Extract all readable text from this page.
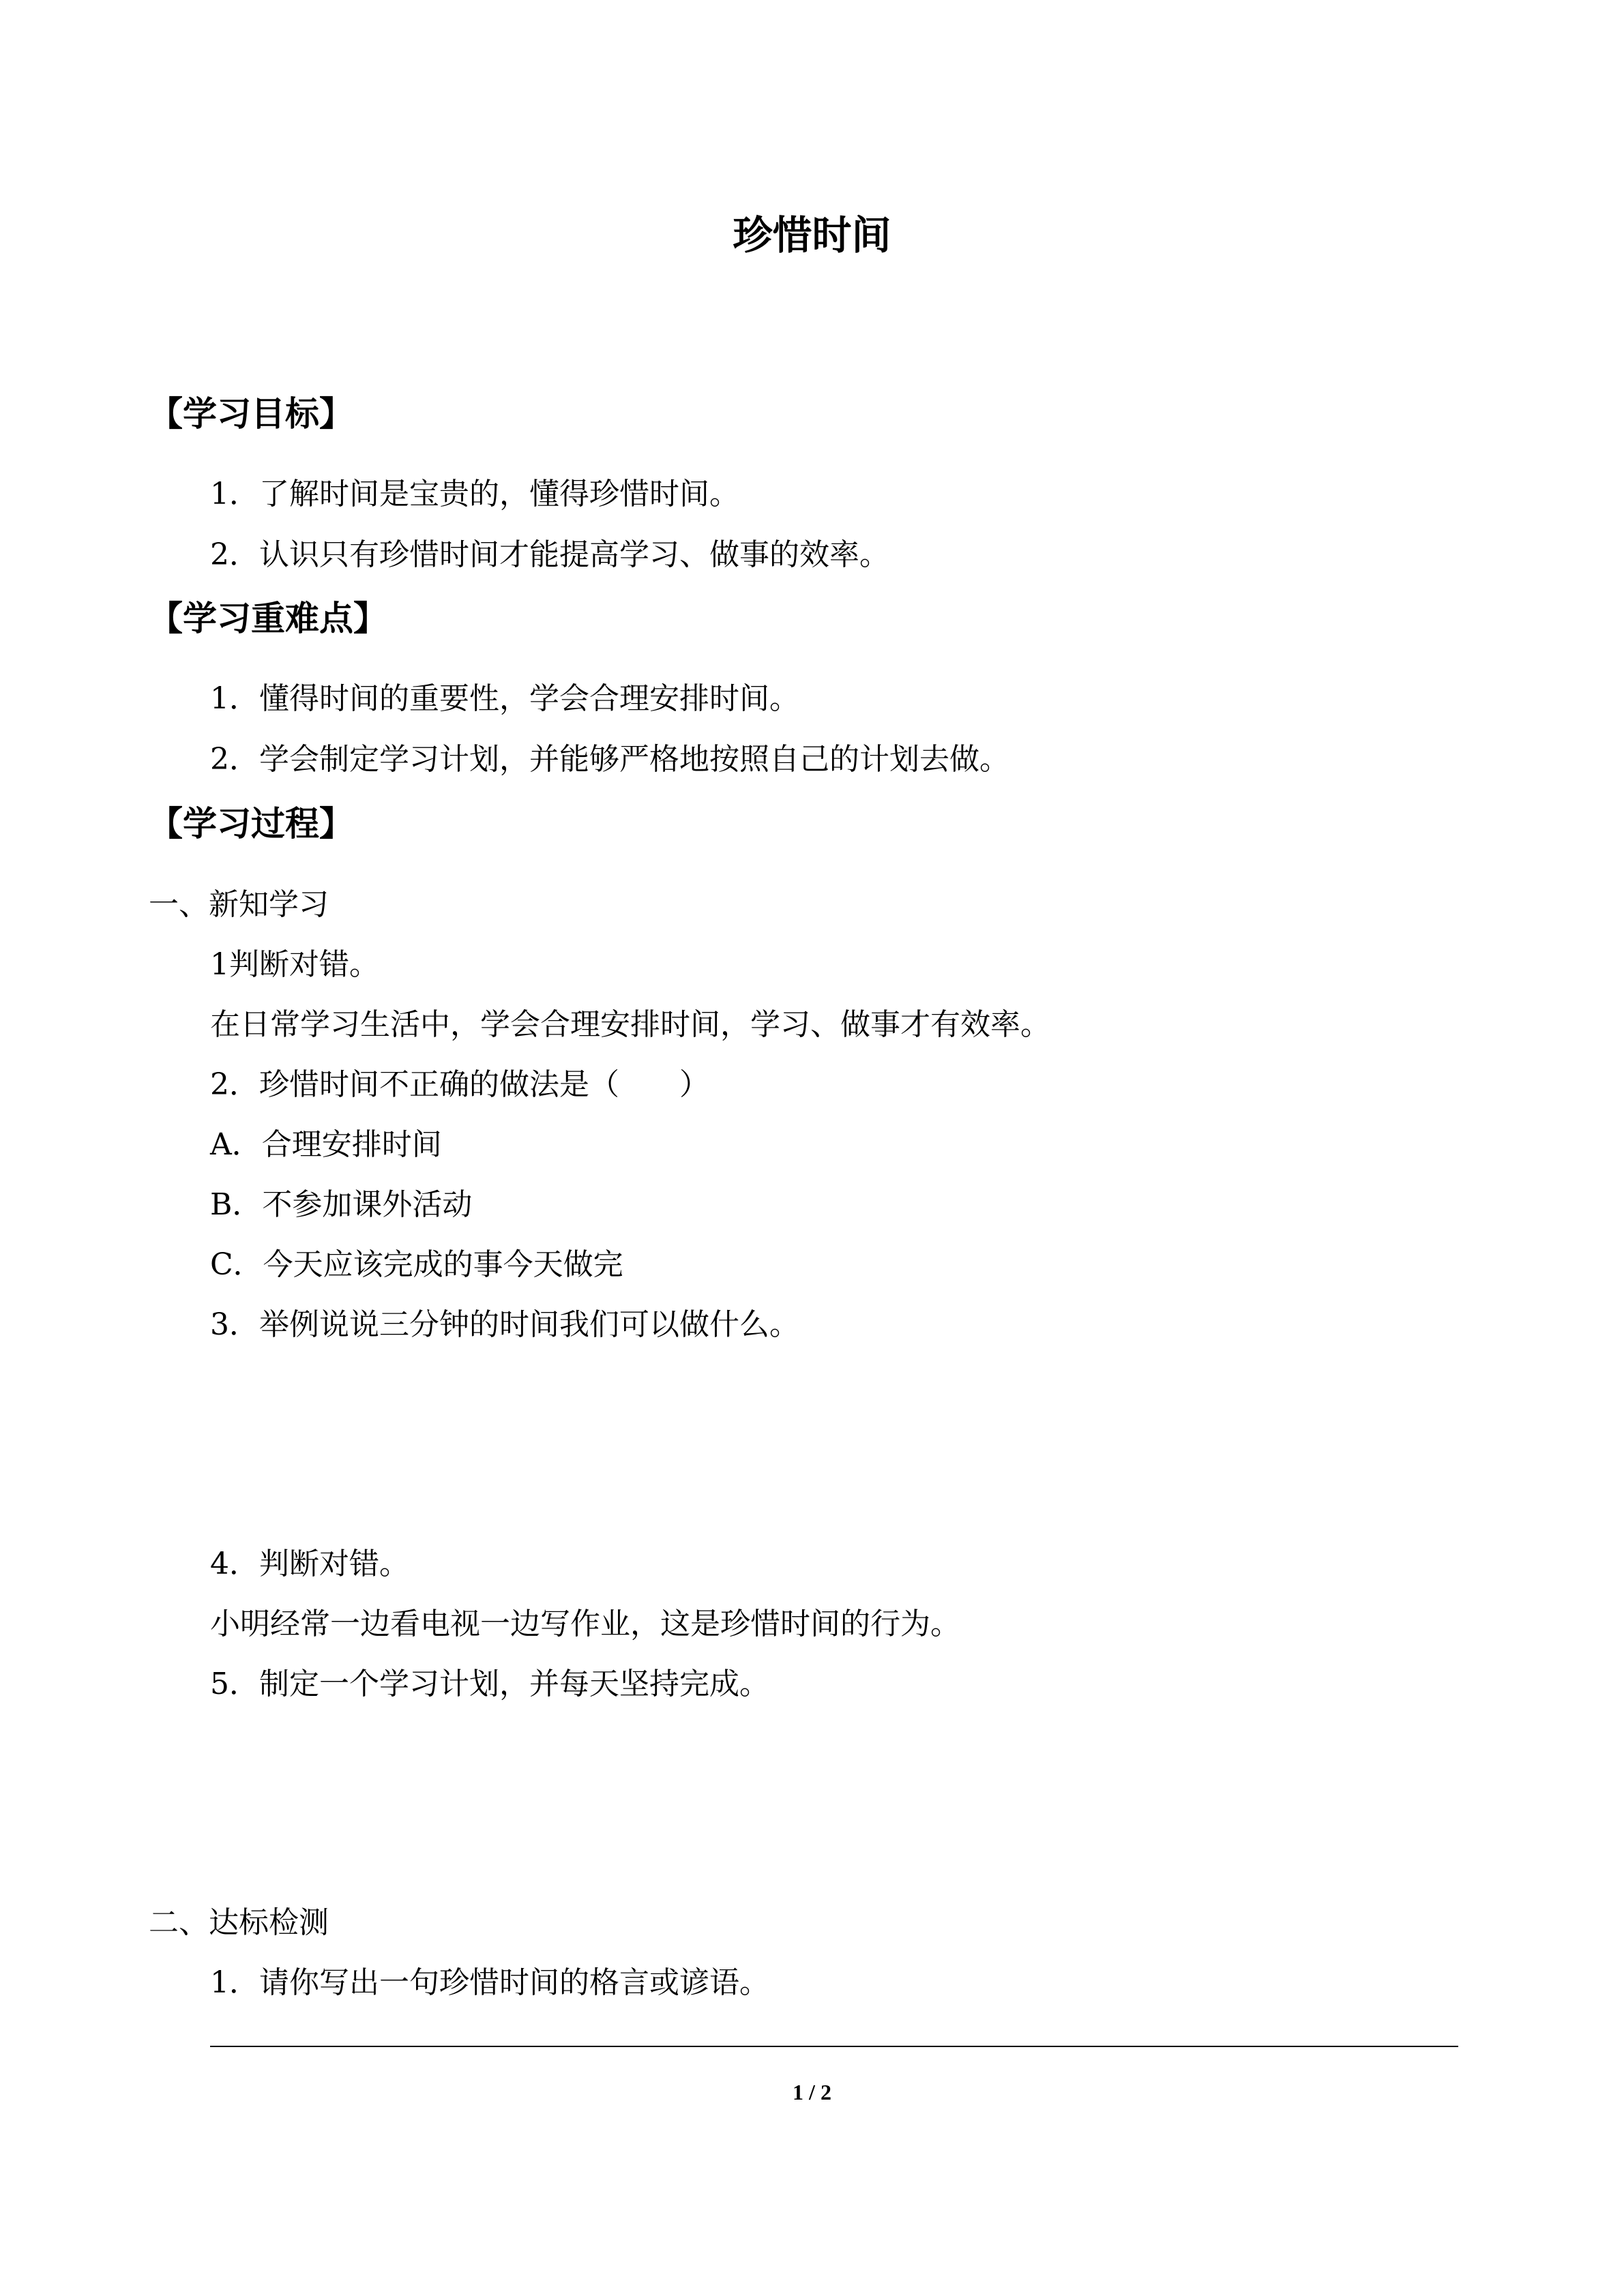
珍惜时间
【学习目标】
1．了解时间是宝贵的，懂得珍惜时间。
2．认识只有珍惜时间才能提高学习、做事的效率。
【学习重难点】
1．懂得时间的重要性，学会合理安排时间。
2．学会制定学习计划，并能够严格地按照自己的计划去做。
【学习过程】
一、新知学习
1判断对错。
在日常学习生活中，学会合理安排时间，学习、做事才有效率。
2．珍惜时间不正确的做法是（　　）
A．合理安排时间
B．不参加课外活动
C．今天应该完成的事今天做完
3．举例说说三分钟的时间我们可以做什么。
4．判断对错。
小明经常一边看电视一边写作业，这是珍惜时间的行为。
5．制定一个学习计划，并每天坚持完成。
二、达标检测
1．请你写出一句珍惜时间的格言或谚语。
1 / 2
